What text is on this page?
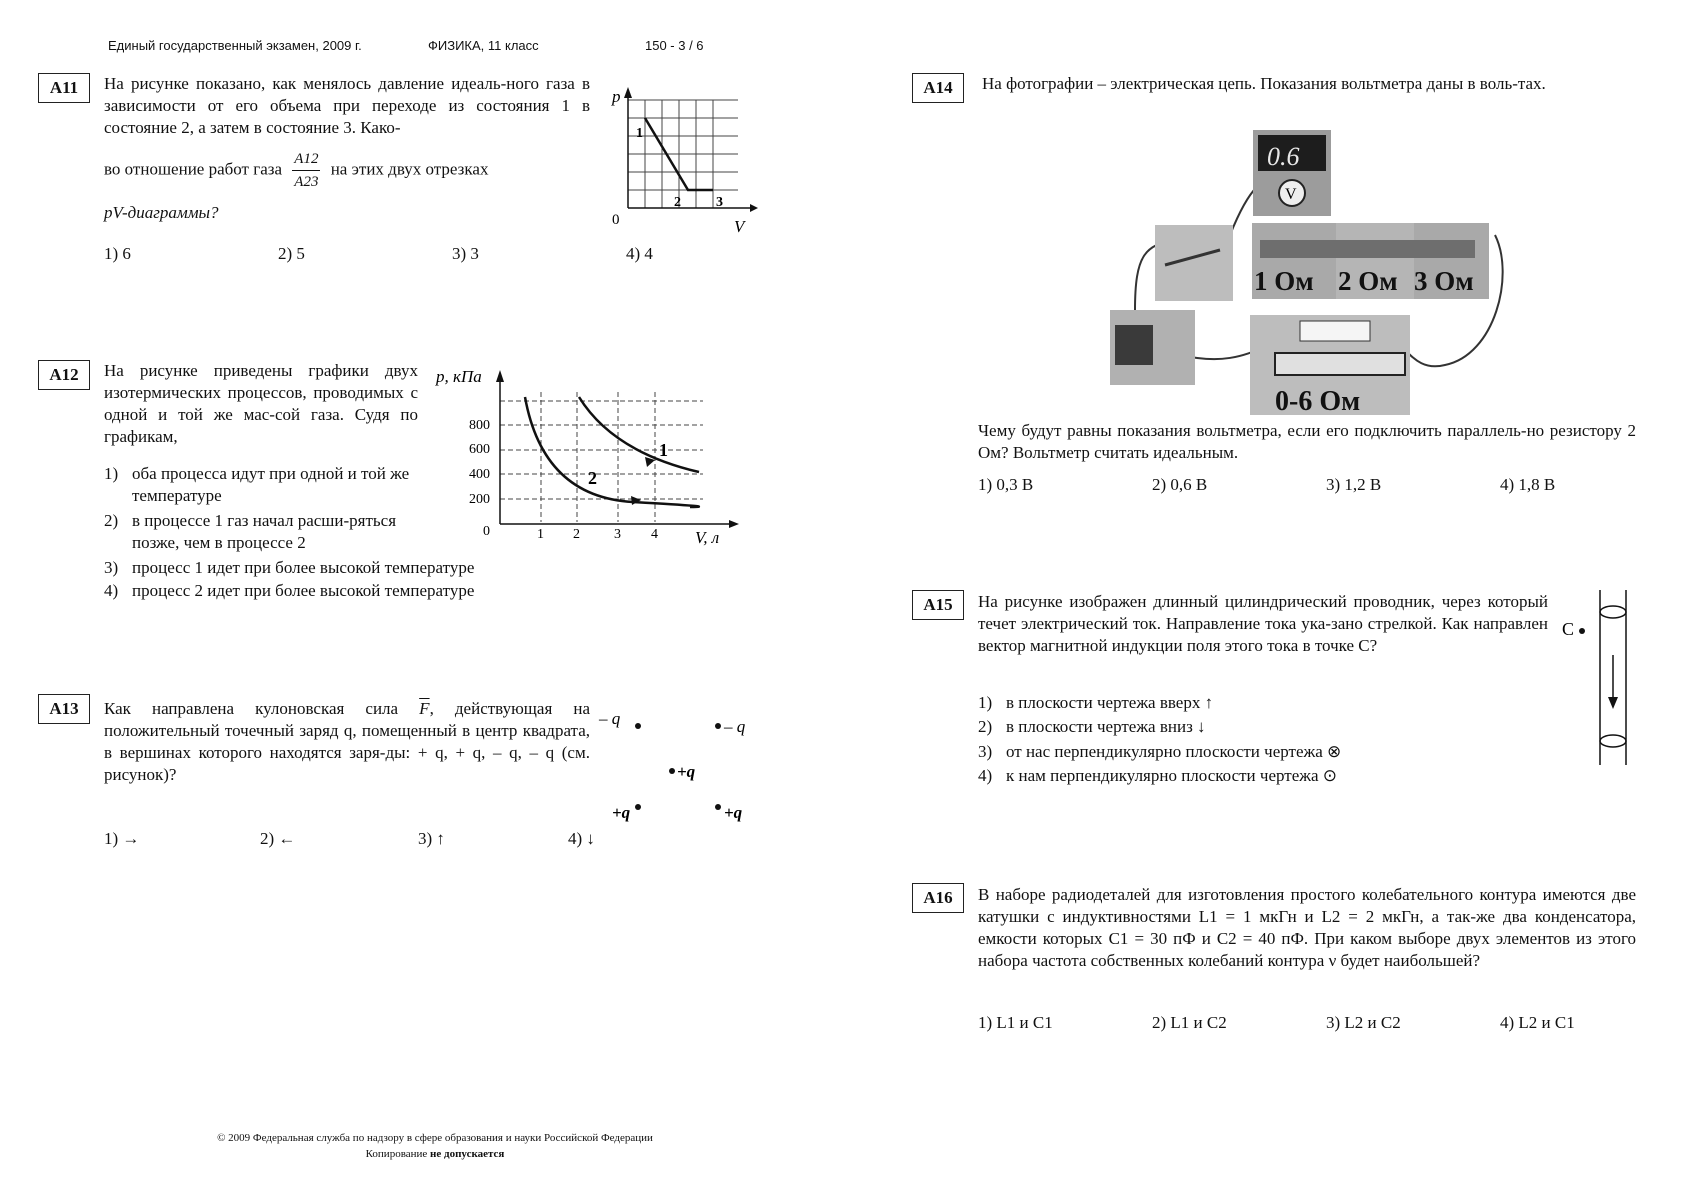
Единый государственный экзамен, 2009 г.	ФИЗИКА, 11 класс	150 - 3 / 6
А11	На рисунке показано, как менялось давление идеаль-ного газа в зависимости от его объема при переходе из состояния 1 в состояние 2, а затем в состояние 3. Како-
во отношение работ газа $\frac{A12}{A23}$ на этих двух отрезках
pV-диаграммы?
1) 6	2) 5	3) 3	4) 4
p
V
0
1
2	3
А12	На рисунке приведены графики двух изотермических процессов, проводимых с одной и той же мас-сой газа. Судя по графикам,
1) оба процесса идут при одной и той же температуре
2) в процессе 1 газ начал расши-ряться позже, чем в процессе 2
3) процесс 1 идет при более высокой температуре
4) процесс 2 идет при более высокой температуре
p, кПа
V, л
0
800
600
400
200
1 2 3 4
1
2
А13	Как направлена кулоновская сила $\overline{F}$, действующая на положительный точечный заряд q, помещенный в центр квадрата, в вершинах которого находятся заря-ды: + q, + q, – q, – q (см. рисунок)?
1) →	2) ←	3) ↑	4) ↓
– q	– q
+q
+q	+q
А14	На фотографии – электрическая цепь. Показания вольтметра даны в воль-тах.
0.6
V
1 Ом 2 Ом 3 Ом
0-6 Ом
Чему будут равны показания вольтметра, если его подключить параллель-но резистору 2 Ом? Вольтметр считать идеальным.
1) 0,3 В	2) 0,6 В	3) 1,2 В	4) 1,8 В
А15	На рисунке изображен длинный цилиндрический проводник, через который течет электрический ток. Направление тока ука-зано стрелкой. Как направлен вектор магнитной индукции поля этого тока в точке С?
1) в плоскости чертежа вверх ↑
2) в плоскости чертежа вниз ↓
3) от нас перпендикулярно плоскости чертежа ⊗
4) к нам перпендикулярно плоскости чертежа ⊙
C
А16	В наборе радиодеталей для изготовления простого колебательного контура имеются две катушки с индуктивностями L1 = 1 мкГн и L2 = 2 мкГн, а так-же два конденсатора, емкости которых C1 = 30 пФ и C2 = 40 пФ. При каком выборе двух элементов из этого набора частота собственных колебаний контура ν будет наибольшей?
1) L1 и C1	2) L1 и C2	3) L2 и C2	4) L2 и C1
© 2009 Федеральная служба по надзору в сфере образования и науки Российской Федерации
Копирование не допускается
